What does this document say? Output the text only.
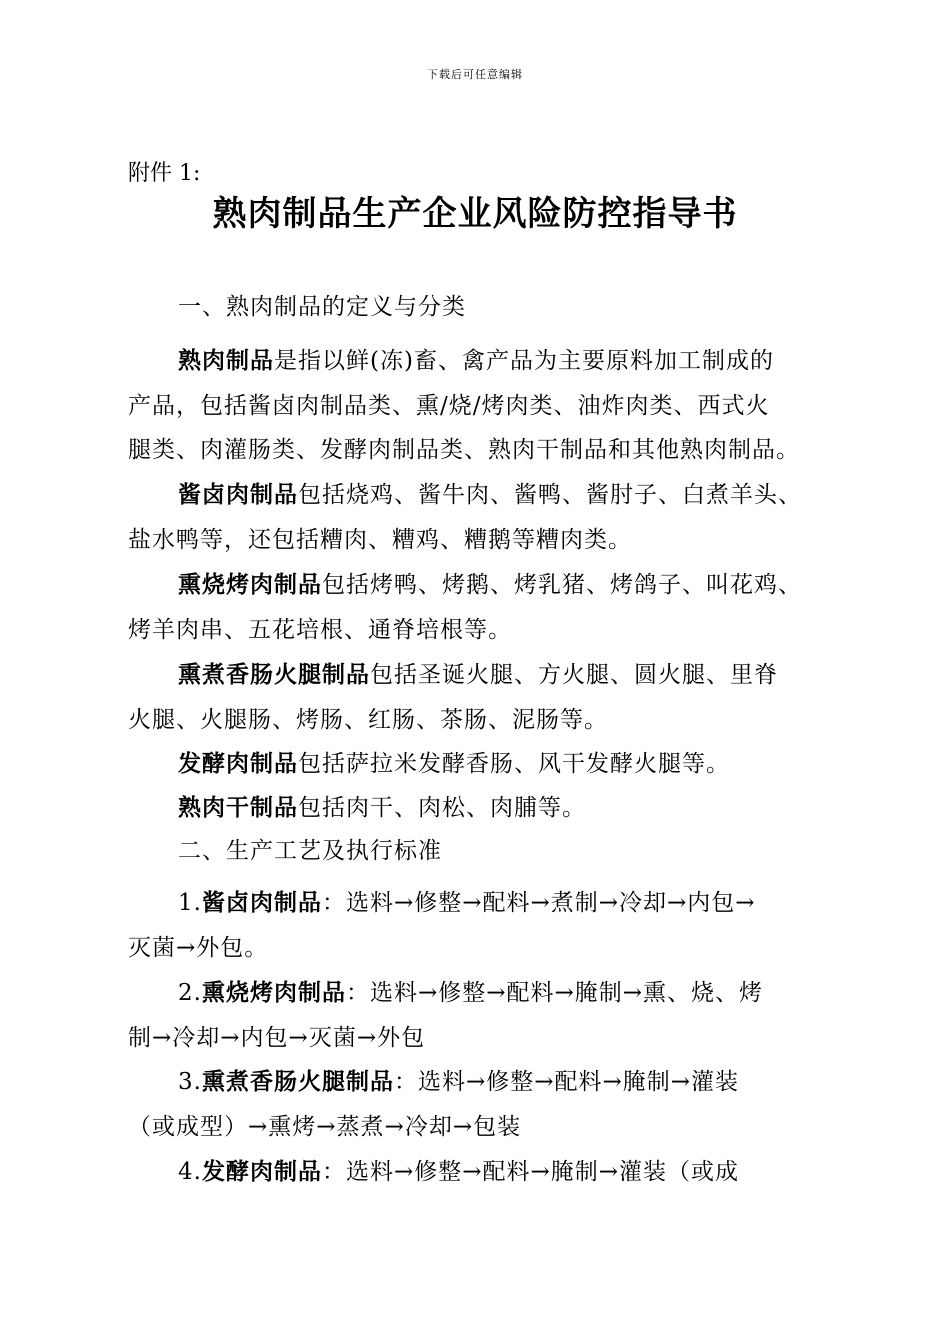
下载后可任意编辑
附件 1:
熟肉制品生产企业风险防控指导书
一、熟肉制品的定义与分类
熟肉制品是指以鲜(冻)畜、禽产品为主要原料加工制成的
产品，包括酱卤肉制品类、熏/烧/烤肉类、油炸肉类、西式火
腿类、肉灌肠类、发酵肉制品类、熟肉干制品和其他熟肉制品。
酱卤肉制品包括烧鸡、酱牛肉、酱鸭、酱肘子、白煮羊头、
盐水鸭等，还包括糟肉、糟鸡、糟鹅等糟肉类。
熏烧烤肉制品包括烤鸭、烤鹅、烤乳猪、烤鸽子、叫花鸡、
烤羊肉串、五花培根、通脊培根等。
熏煮香肠火腿制品包括圣诞火腿、方火腿、圆火腿、里脊
火腿、火腿肠、烤肠、红肠、茶肠、泥肠等。
发酵肉制品包括萨拉米发酵香肠、风干发酵火腿等。
熟肉干制品包括肉干、肉松、肉脯等。
二、生产工艺及执行标准
1.酱卤肉制品：选料→修整→配料→煮制→冷却→内包→
灭菌→外包。
2.熏烧烤肉制品：选料→修整→配料→腌制→熏、烧、烤
制→冷却→内包→灭菌→外包
3.熏煮香肠火腿制品：选料→修整→配料→腌制→灌装
（或成型）→熏烤→蒸煮→冷却→包装
4.发酵肉制品：选料→修整→配料→腌制→灌装（或成
